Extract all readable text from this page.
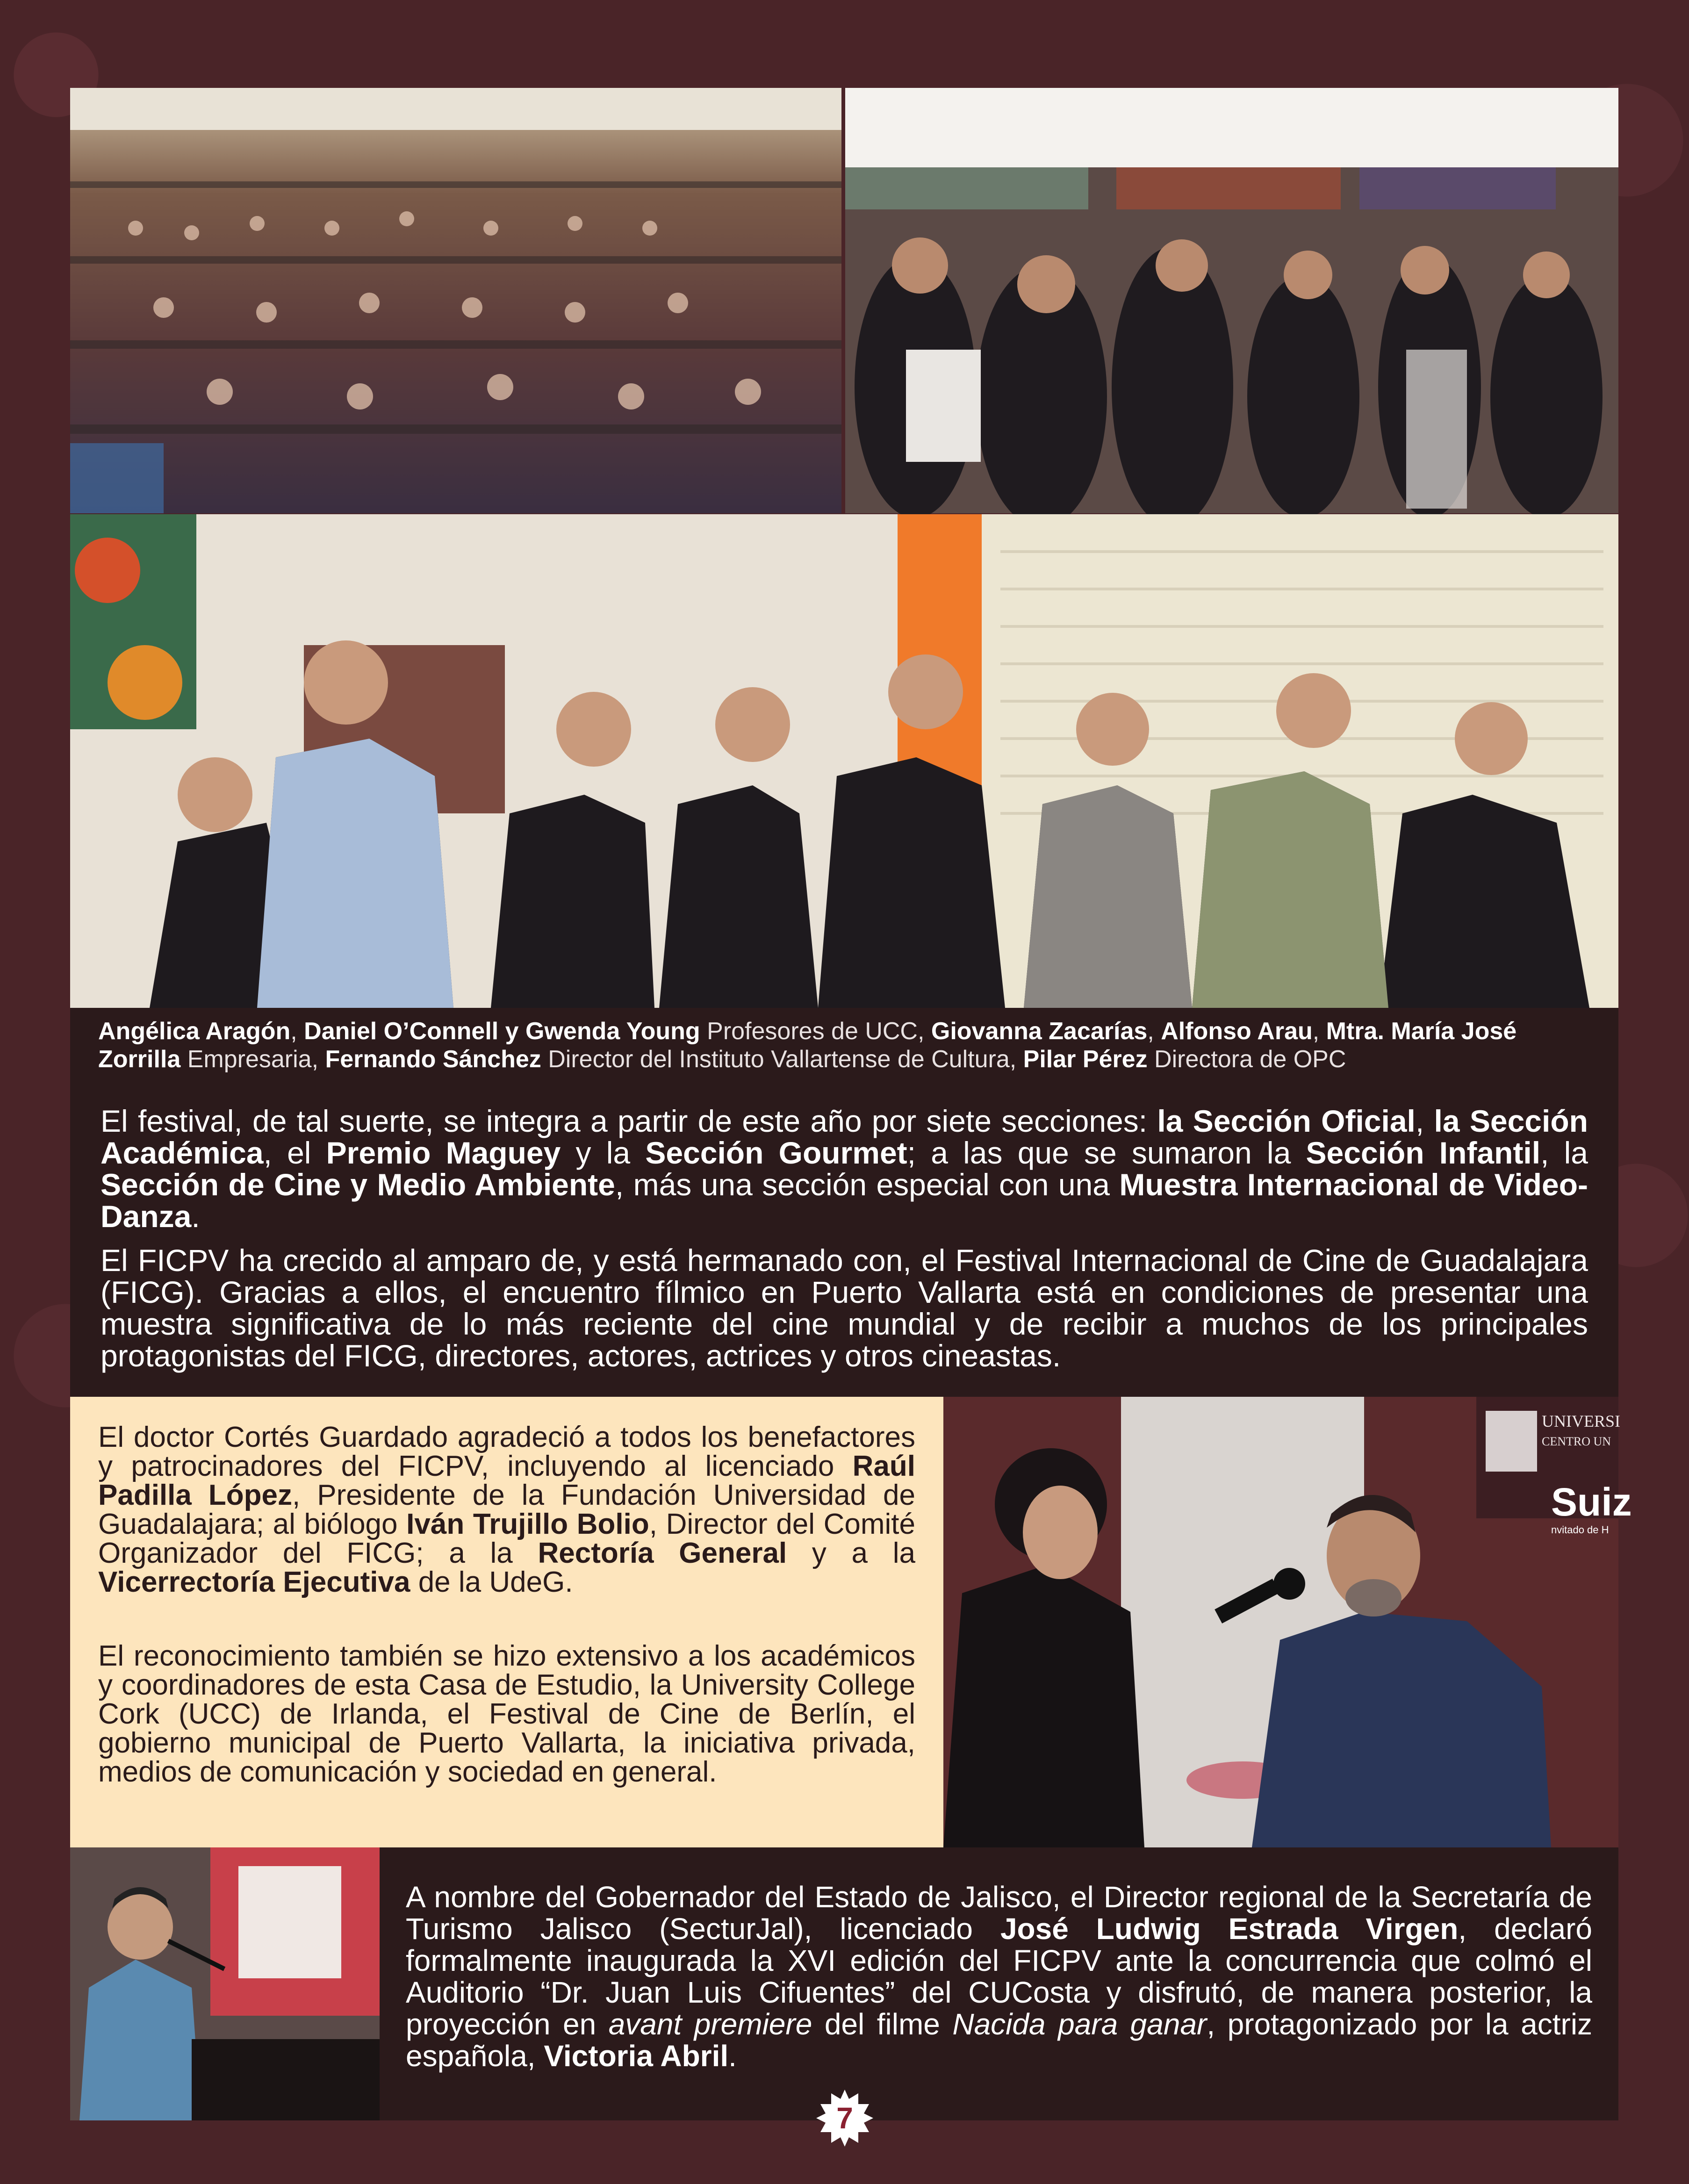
Angélica Aragón, Daniel O’Connell y Gwenda Young Profesores de UCC, Giovanna Zacarías, Alfonso Arau, Mtra. María José Zorrilla Empresaria, Fernando Sánchez Director del Instituto Vallartense de Cultura, Pilar Pérez Directora de OPC

El festival, de tal suerte, se integra a partir de este año por siete secciones: la Sección Oficial, la Sección Académica, el Premio Maguey y la Sección Gourmet; a las que se sumaron la Sección Infantil, la Sección de Cine y Medio Ambiente, más una sección especial con una Muestra Internacional de Video-Danza.

El FICPV ha crecido al amparo de, y está hermanado con, el Festival Internacional de Cine de Guadalajara (FICG). Gracias a ellos, el encuentro fílmico en Puerto Vallarta está en condiciones de presentar una muestra significativa de lo más reciente del cine mundial y de recibir a muchos de los principales protagonistas del FICG, directores, actores, actrices y otros cineastas.

El doctor Cortés Guardado agradeció a todos los benefactores y patrocinadores del FICPV, incluyendo al licenciado Raúl Padilla López, Presidente de la Fundación Universidad de Guadalajara; al biólogo Iván Trujillo Bolio, Director del Comité Organizador del FICG; a la Rectoría General y a la Vicerrectoría Ejecutiva de la UdeG.

El reconocimiento también se hizo extensivo a los académicos y coordinadores de esta Casa de Estudio, la University College Cork (UCC) de Irlanda, el Festival de Cine de Berlín, el gobierno municipal de Puerto Vallarta, la iniciativa privada, medios de comunicación y sociedad en general.

UNIVERSI
CENTRO UN
Suiz
nvitado de H
A nombre del Gobernador del Estado de Jalisco, el Director regional de la Secretaría de Turismo Jalisco (SecturJal), licenciado José Ludwig Estrada Virgen, declaró formalmente inaugurada la XVI edición del FICPV ante la concurrencia que colmó el Auditorio “Dr. Juan Luis Cifuentes” del CUCosta y disfrutó, de manera posterior, la proyección en avant premiere del filme Nacida para ganar, protagonizado por la actriz española, Victoria Abril.
7
